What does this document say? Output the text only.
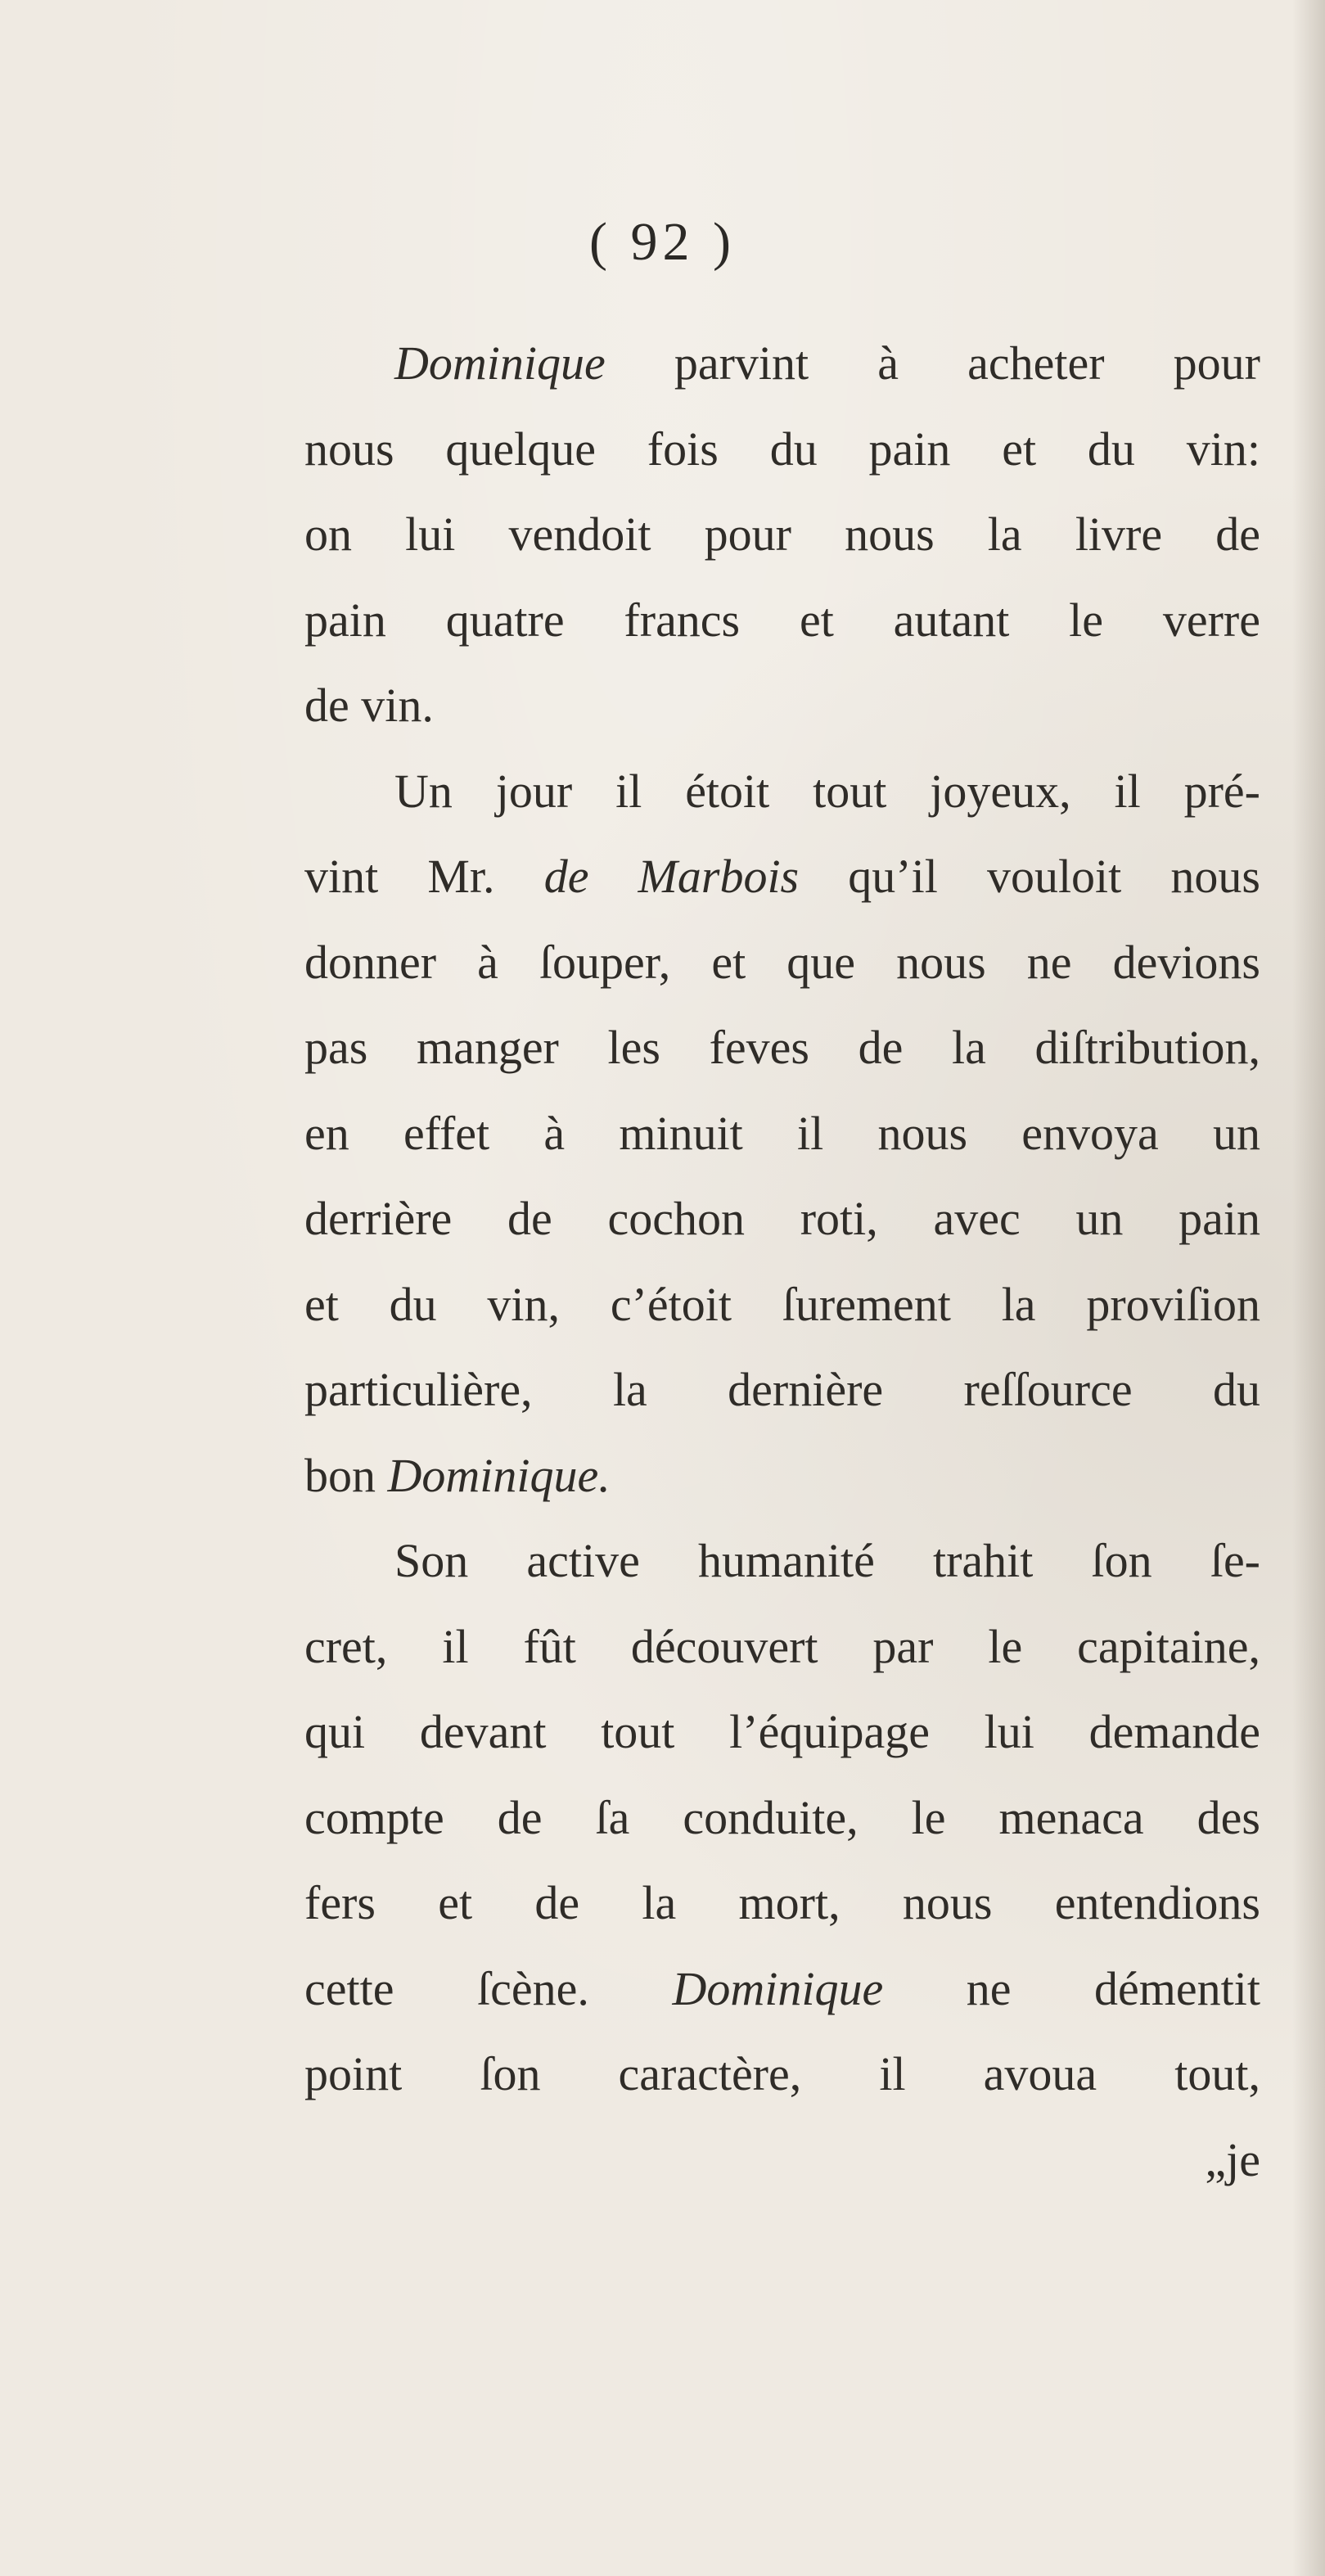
( 92 )
Dominique parvint à acheter pour
nous quelque fois du pain et du vin:
on lui vendoit pour nous la livre de
pain quatre francs et autant le verre
de vin.
Un jour il étoit tout joyeux, il pré-
vint Mr. de Marbois qu’il vouloit nous
donner à ſouper, et que nous ne devions
pas manger les feves de la diſtribution,
en effet à minuit il nous envoya un
derrière de cochon roti, avec un pain
et du vin, c’étoit ſurement la proviſion
particulière, la dernière reſſource du
bon Dominique.
Son active humanité trahit ſon ſe-
cret, il fût découvert par le capitaine,
qui devant tout l’équipage lui demande
compte de ſa conduite, le menaca des
fers et de la mort, nous entendions
cette ſcène. Dominique ne démentit
point ſon caractère, il avoua tout,
„je
